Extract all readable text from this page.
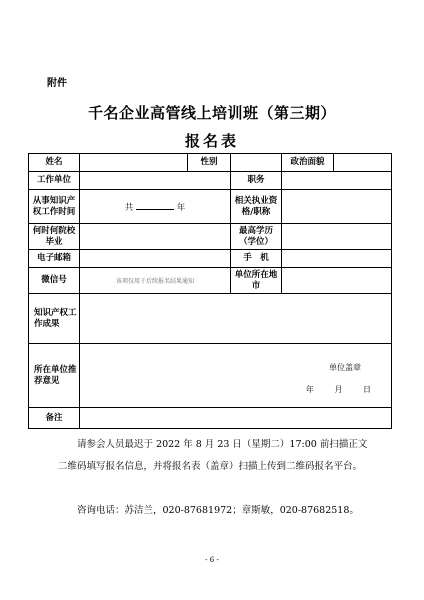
附件
千名企业高管线上培训班（第三期）
报名表
姓名		性别		政治面貌	
工作单位			职务		
从事知识产权工作时间	共 年		相关执业资格/职称		
何时何院校毕业			最高学历（学位）		
电子邮箱			手　机		
微信号	该项仅用于后续报名结果通知		单位所在地市		
知识产权工作成果					
所在单位推荐意见	单位盖章
年 月 日				

备注					
请参会人员最迟于 2022 年 8 月 23 日（星期二）17:00 前扫描正文二维码填写报名信息，并将报名表（盖章）扫描上传到二维码报名平台。
咨询电话：苏洁兰，020-87681972；章斯敏，020-87682518。
- 6 -
